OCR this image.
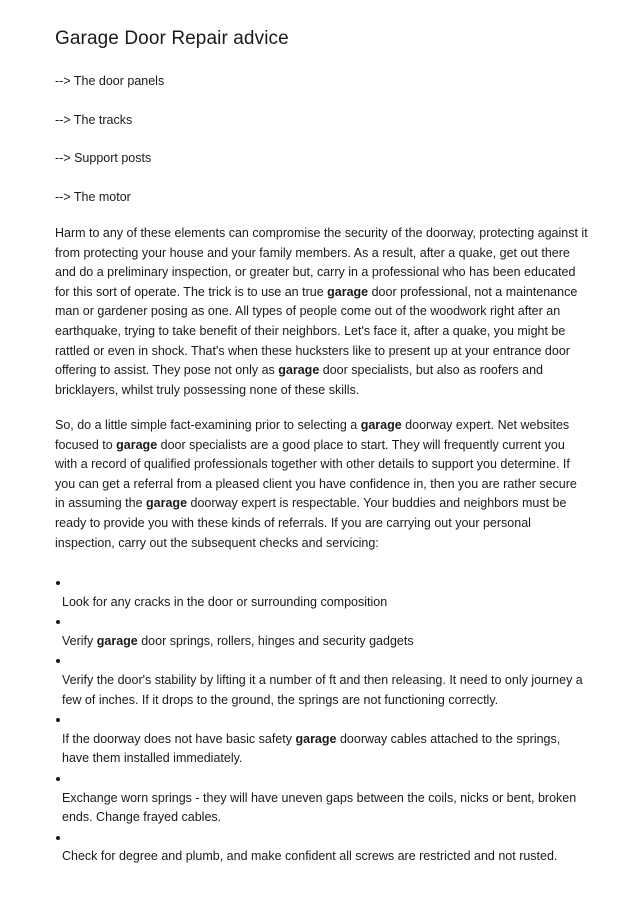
Garage Door Repair advice

--> The door panels

--> The tracks

--> Support posts

--> The motor

Harm to any of these elements can compromise the security of the doorway, protecting against it from protecting your house and your family members. As a result, after a quake, get out there and do a preliminary inspection, or greater but, carry in a professional who has been educated for this sort of operate. The trick is to use an true garage door professional, not a maintenance man or gardener posing as one. All types of people come out of the woodwork right after an earthquake, trying to take benefit of their neighbors. Let's face it, after a quake, you might be rattled or even in shock. That's when these hucksters like to present up at your entrance door offering to assist. They pose not only as garage door specialists, but also as roofers and bricklayers, whilst truly possessing none of these skills.

So, do a little simple fact-examining prior to selecting a garage doorway expert. Net websites focused to garage door specialists are a good place to start. They will frequently current you with a record of qualified professionals together with other details to support you determine. If you can get a referral from a pleased client you have confidence in, then you are rather secure in assuming the garage doorway expert is respectable. Your buddies and neighbors must be ready to provide you with these kinds of referrals. If you are carrying out your personal inspection, carry out the subsequent checks and servicing:

Look for any cracks in the door or surrounding composition
Verify garage door springs, rollers, hinges and security gadgets
Verify the door's stability by lifting it a number of ft and then releasing. It need to only journey a few of inches. If it drops to the ground, the springs are not functioning correctly.
If the doorway does not have basic safety garage doorway cables attached to the springs, have them installed immediately.
Exchange worn springs - they will have uneven gaps between the coils, nicks or bent, broken ends. Change frayed cables.
Check for degree and plumb, and make confident all screws are restricted and not rusted.
